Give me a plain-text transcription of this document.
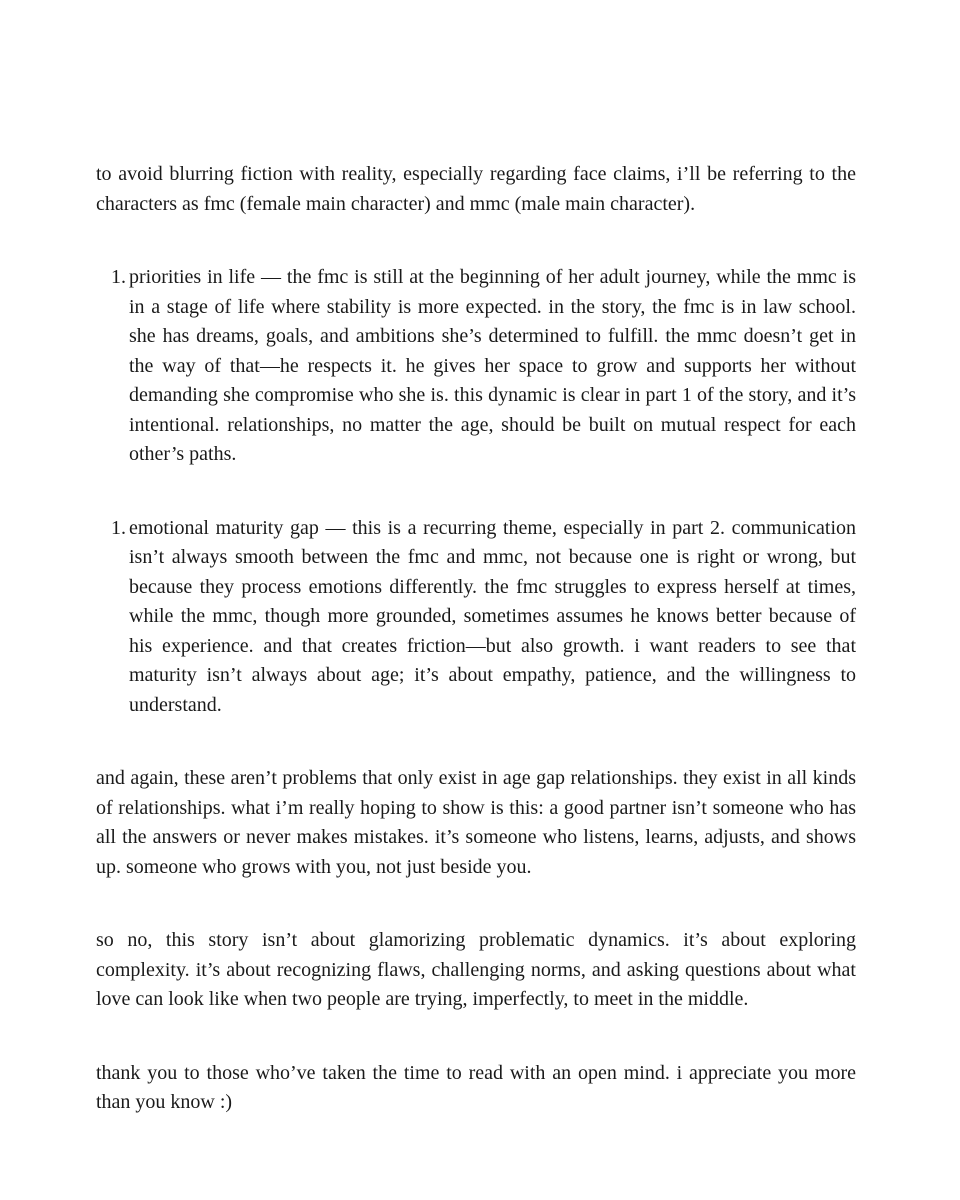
to avoid blurring fiction with reality, especially regarding face claims, i’ll be referring to the characters as fmc (female main character) and mmc (male main character).

1. priorities in life — the fmc is still at the beginning of her adult journey, while the mmc is in a stage of life where stability is more expected. in the story, the fmc is in law school. she has dreams, goals, and ambitions she’s determined to fulfill. the mmc doesn’t get in the way of that—he respects it. he gives her space to grow and supports her without demanding she compromise who she is. this dynamic is clear in part 1 of the story, and it’s intentional. relationships, no matter the age, should be built on mutual respect for each other’s paths.

1. emotional maturity gap — this is a recurring theme, especially in part 2. communication isn’t always smooth between the fmc and mmc, not because one is right or wrong, but because they process emotions differently. the fmc struggles to express herself at times, while the mmc, though more grounded, sometimes assumes he knows better because of his experience. and that creates friction—but also growth. i want readers to see that maturity isn’t always about age; it’s about empathy, patience, and the willingness to understand.

and again, these aren’t problems that only exist in age gap relationships. they exist in all kinds of relationships. what i’m really hoping to show is this: a good partner isn’t someone who has all the answers or never makes mistakes. it’s someone who listens, learns, adjusts, and shows up. someone who grows with you, not just beside you.

so no, this story isn’t about glamorizing problematic dynamics. it’s about exploring complexity. it’s about recognizing flaws, challenging norms, and asking questions about what love can look like when two people are trying, imperfectly, to meet in the middle.

thank you to those who’ve taken the time to read with an open mind. i appreciate you more than you know :)
